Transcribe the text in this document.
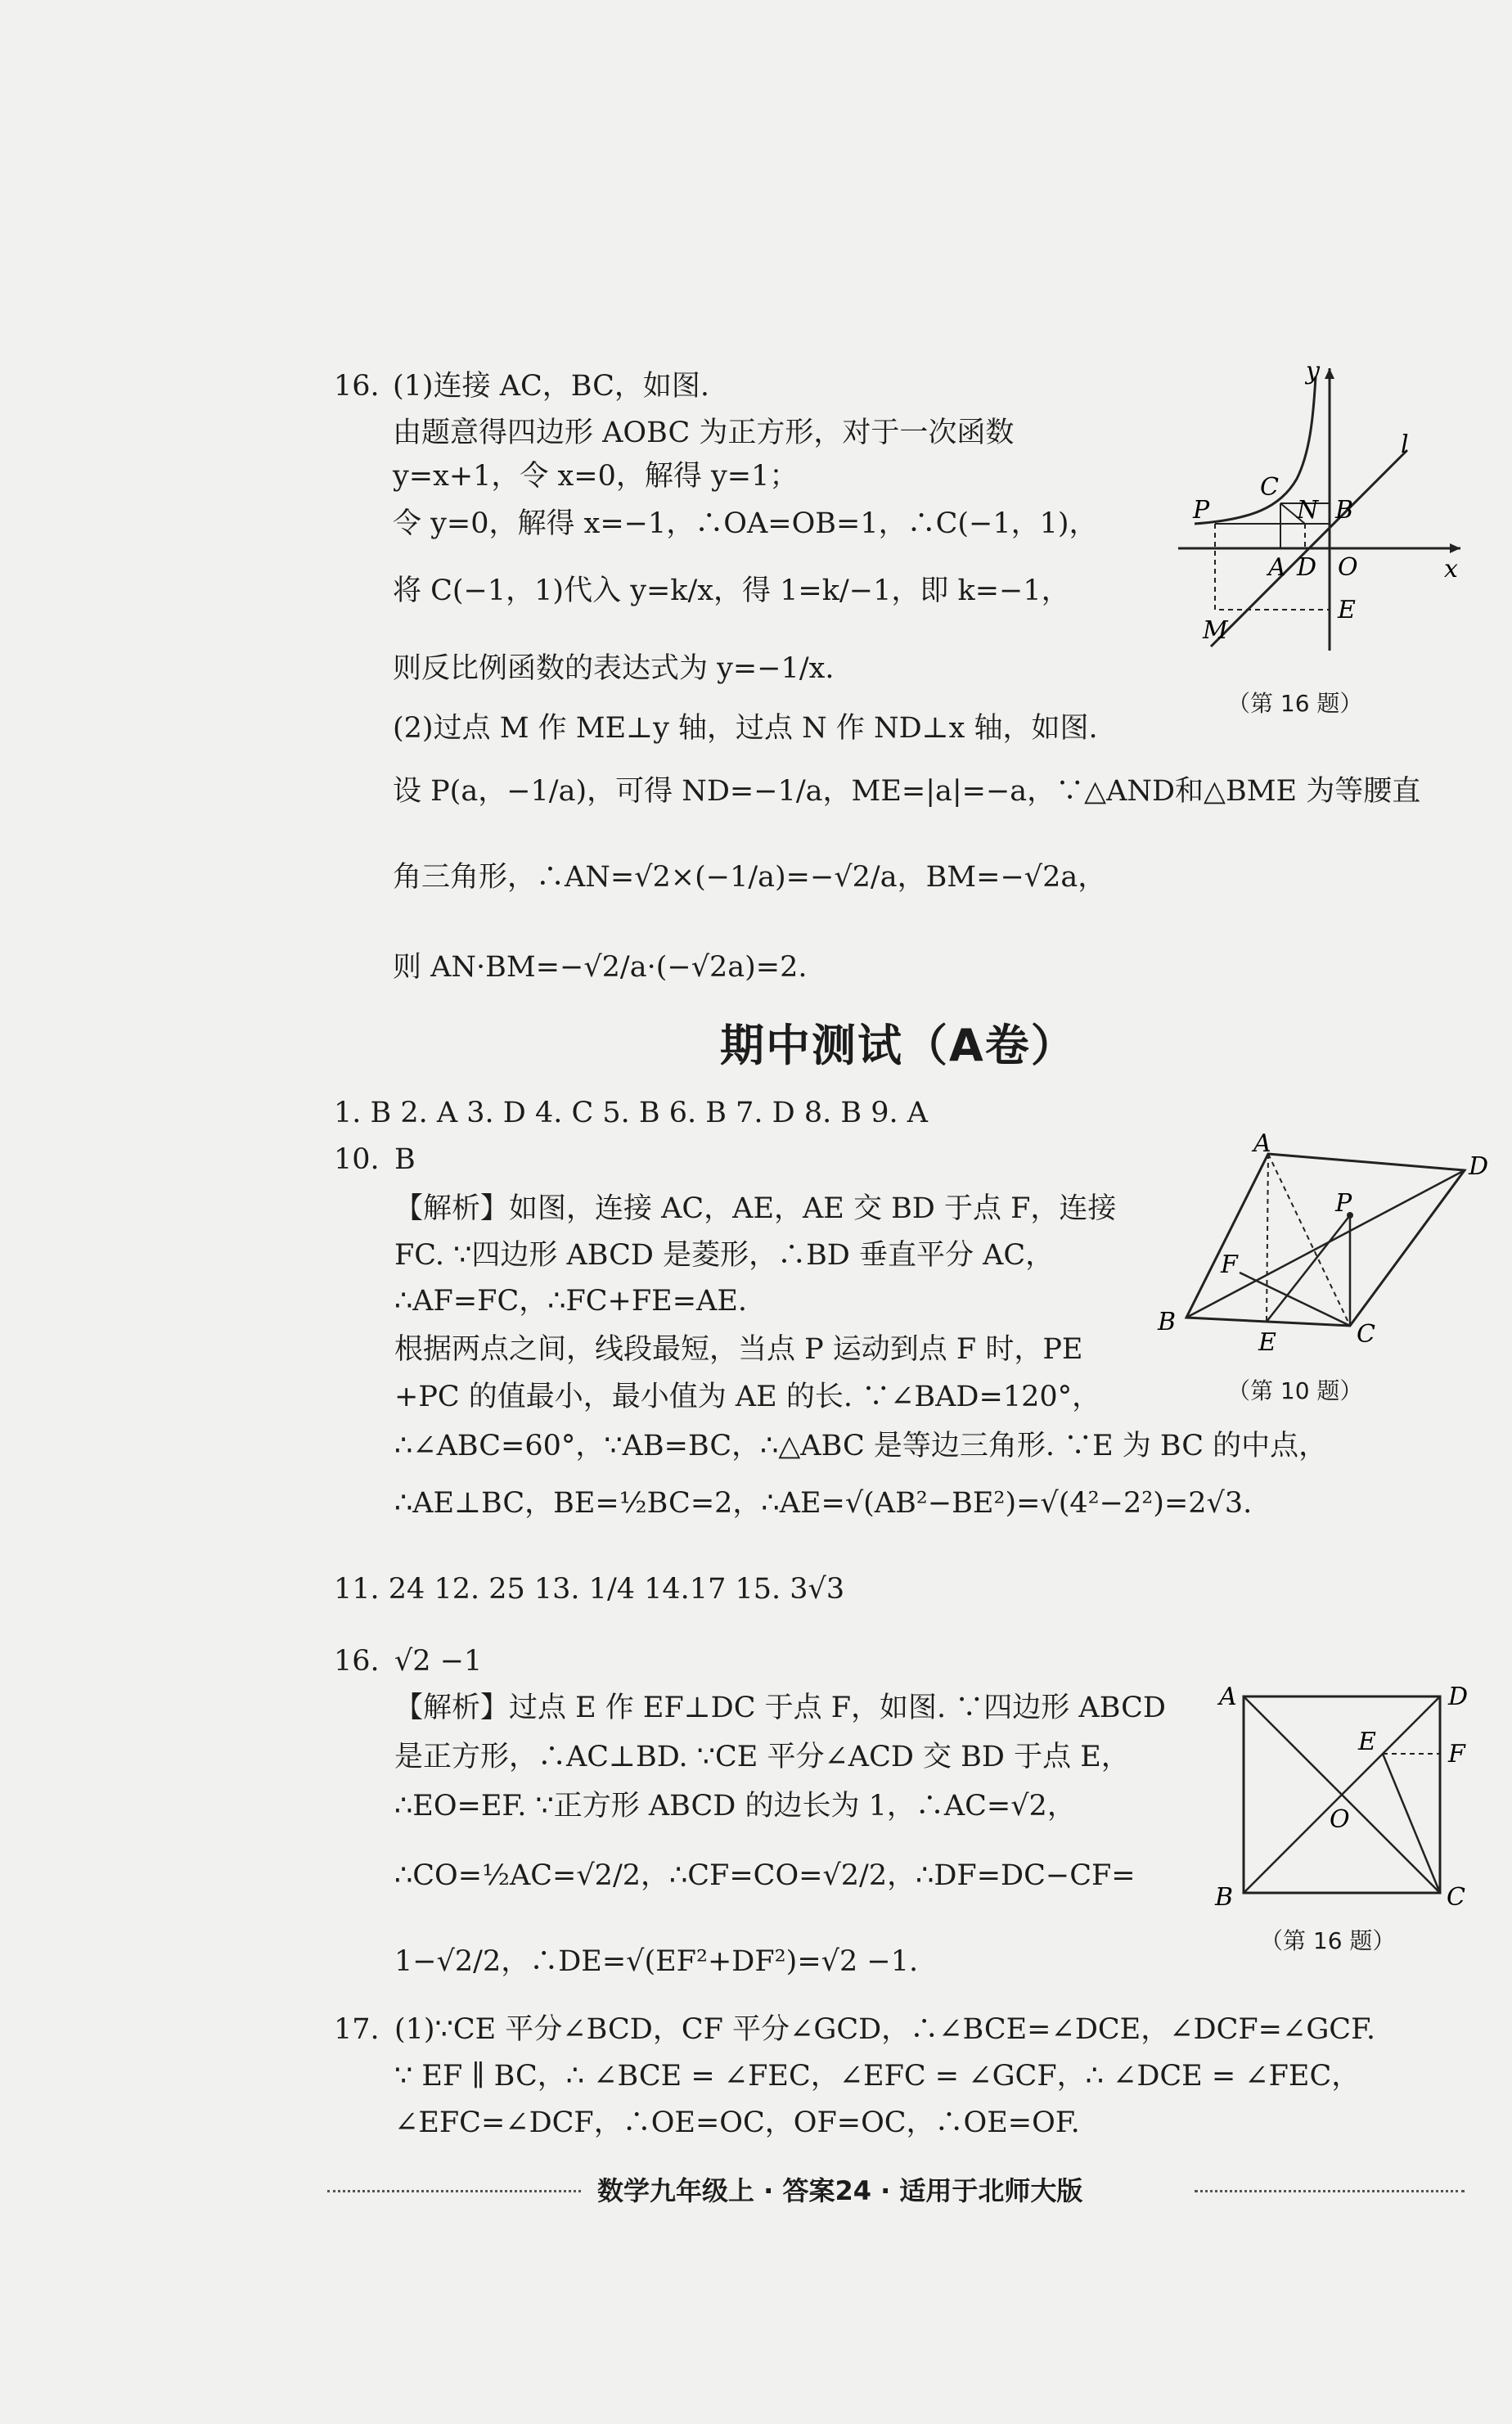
16. (1)连接 AC，BC，如图.
由题意得四边形 AOBC 为正方形，对于一次函数
y=x+1，令 x=0，解得 y=1；
令 y=0，解得 x=−1，∴OA=OB=1，∴C(−1，1)，
将 C(−1，1)代入 y=k/x，得 1=k/−1，即 k=−1，
则反比例函数的表达式为 y=−1/x.
(2)过点 M 作 ME⊥y 轴，过点 N 作 ND⊥x 轴，如图.
设 P(a，−1/a)，可得 ND=−1/a，ME=|a|=−a，∵△AND和△BME 为等腰直
角三角形，∴AN=√2×(−1/a)=−√2/a，BM=−√2a，
则 AN·BM=−√2/a·(−√2a)=2.
y
l
C
N B
P
A D O	x
E
M
（第 16 题）
期中测试（A卷）
1. B 2. A 3. D 4. C 5. B 6. B 7. D 8. B 9. A
10. B
【解析】如图，连接 AC，AE，AE 交 BD 于点 F，连接
FC. ∵四边形 ABCD 是菱形，∴BD 垂直平分 AC，
∴AF=FC，∴FC+FE=AE.
根据两点之间，线段最短，当点 P 运动到点 F 时，PE
+PC 的值最小，最小值为 AE 的长. ∵∠BAD=120°，
∴∠ABC=60°，∵AB=BC，∴△ABC 是等边三角形. ∵E 为 BC 的中点，
∴AE⊥BC，BE=½BC=2，∴AE=√(AB²−BE²)=√(4²−2²)=2√3.
A
D
P
F
B
E	C
（第 10 题）
11. 24 12. 25 13. 1/4 14.17 15. 3√3
16. √2 −1
【解析】过点 E 作 EF⊥DC 于点 F，如图. ∵四边形 ABCD
是正方形，∴AC⊥BD. ∵CE 平分∠ACD 交 BD 于点 E，
∴EO=EF. ∵正方形 ABCD 的边长为 1，∴AC=√2，
∴CO=½AC=√2/2，∴CF=CO=√2/2，∴DF=DC−CF=
1−√2/2，∴DE=√(EF²+DF²)=√2 −1.
A	D
E	F
O
B	C
（第 16 题）
17. (1)∵CE 平分∠BCD，CF 平分∠GCD，∴∠BCE=∠DCE，∠DCF=∠GCF.
∵ EF ∥ BC，∴ ∠BCE = ∠FEC，∠EFC = ∠GCF，∴ ∠DCE = ∠FEC，
∠EFC=∠DCF，∴OE=OC，OF=OC，∴OE=OF.
数学九年级上 · 答案24 · 适用于北师大版
